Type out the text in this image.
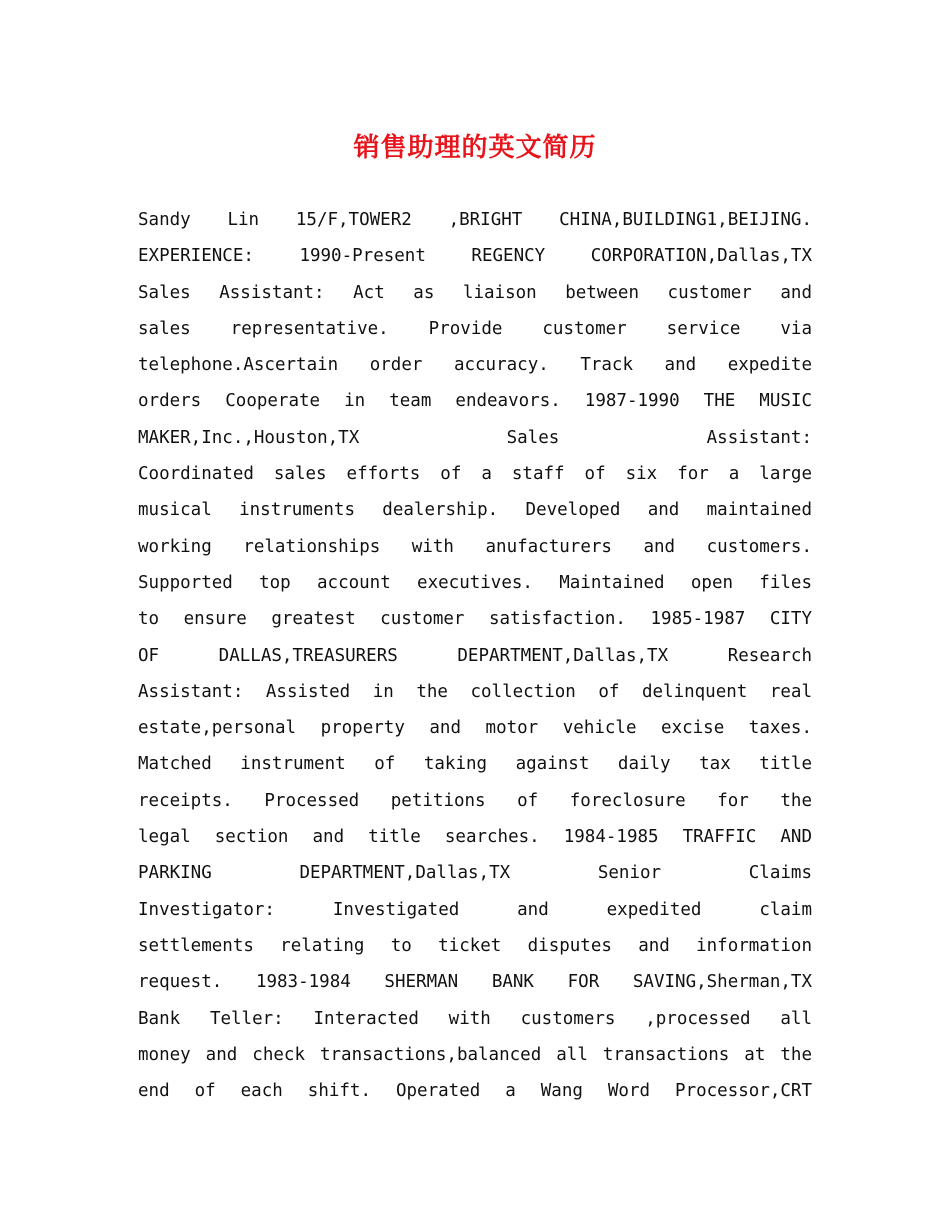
销售助理的英文简历
Sandy Lin 15/F,TOWER2 ,BRIGHT CHINA,BUILDING1,BEIJING.
EXPERIENCE: 1990-Present REGENCY CORPORATION,Dallas,TX
Sales Assistant: Act as liaison between customer and
sales representative. Provide customer service via
telephone.Ascertain order accuracy. Track and expedite
orders Cooperate in team endeavors. 1987-1990 THE MUSIC
MAKER,Inc.,Houston,TX Sales Assistant:
Coordinated sales efforts of a staff of six for a large
musical instruments dealership. Developed and maintained
working relationships with anufacturers and customers.
Supported top account executives. Maintained open files
to ensure greatest customer satisfaction. 1985-1987 CITY
OF DALLAS,TREASURERS DEPARTMENT,Dallas,TX Research
Assistant: Assisted in the collection of delinquent real
estate,personal property and motor vehicle excise taxes.
Matched instrument of taking against daily tax title
receipts. Processed petitions of foreclosure for the
legal section and title searches. 1984-1985 TRAFFIC AND
PARKING DEPARTMENT,Dallas,TX Senior Claims
Investigator: Investigated and expedited claim
settlements relating to ticket disputes and information
request. 1983-1984 SHERMAN BANK FOR SAVING,Sherman,TX
Bank Teller: Interacted with customers ,processed all
money and check transactions,balanced all transactions at the
end of each shift. Operated a Wang Word Processor,CRT
